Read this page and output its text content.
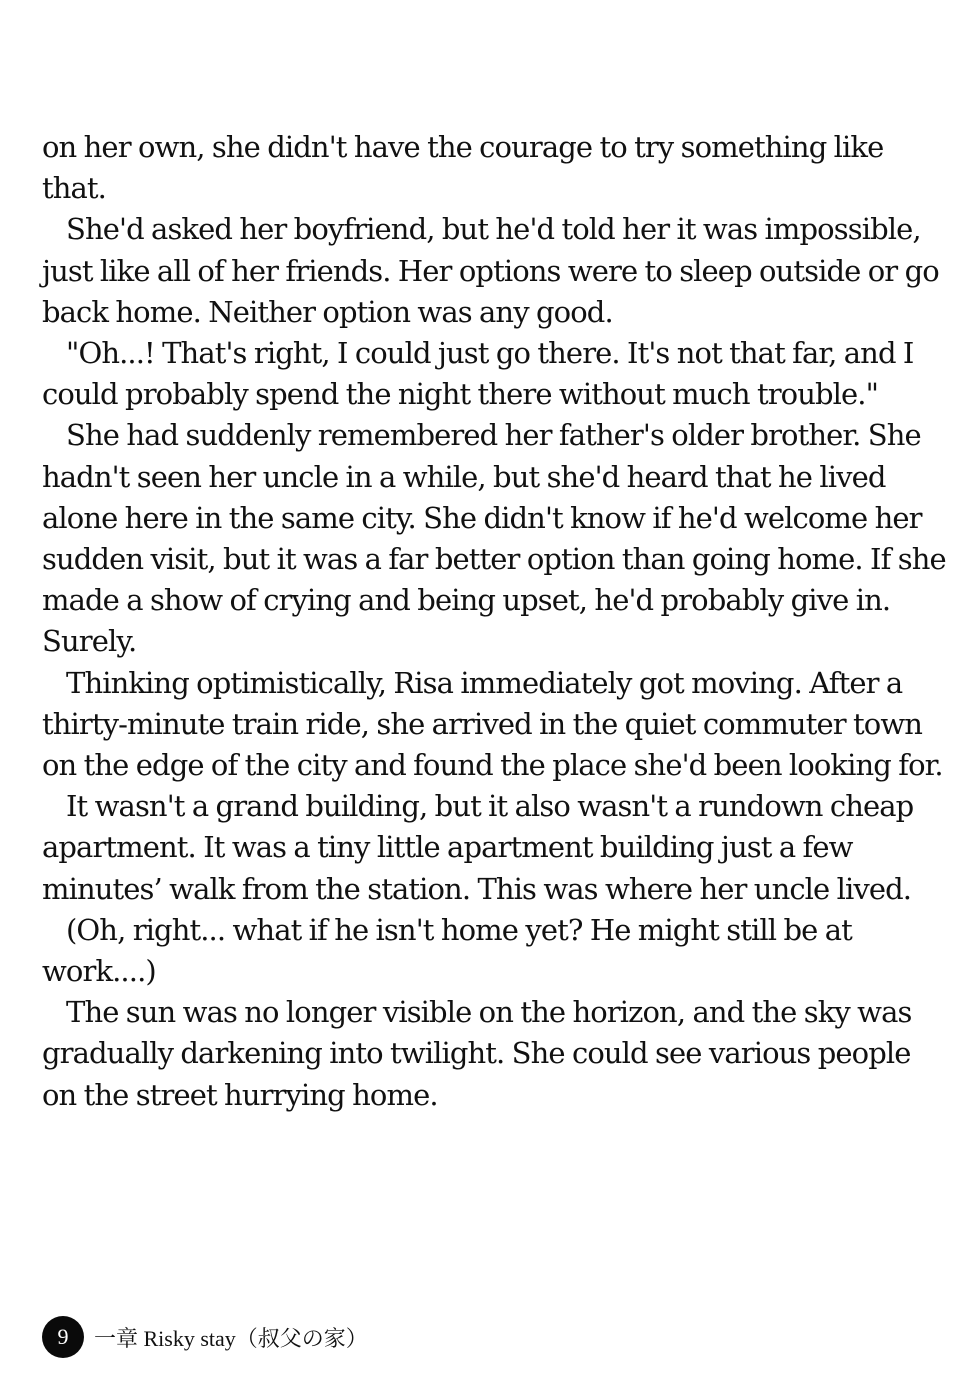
on her own, she didn't have the courage to try something like that.

She'd asked her boyfriend, but he'd told her it was impossible, just like all of her friends. Her options were to sleep outside or go back home. Neither option was any good.

"Oh...! That's right, I could just go there. It's not that far, and I could probably spend the night there without much trouble."

She had suddenly remembered her father's older brother. She hadn't seen her uncle in a while, but she'd heard that he lived alone here in the same city. She didn't know if he'd welcome her sudden visit, but it was a far better option than going home. If she made a show of crying and being upset, he'd probably give in. Surely.

Thinking optimistically, Risa immediately got moving. After a thirty-minute train ride, she arrived in the quiet commuter town on the edge of the city and found the place she'd been looking for.

It wasn't a grand building, but it also wasn't a rundown cheap apartment. It was a tiny little apartment building just a few minutes’ walk from the station. This was where her uncle lived.

(Oh, right... what if he isn't home yet? He might still be at work....)

The sun was no longer visible on the horizon, and the sky was gradually darkening into twilight. She could see various people on the street hurrying home.

9	一章 Risky stay（叔父の家）
